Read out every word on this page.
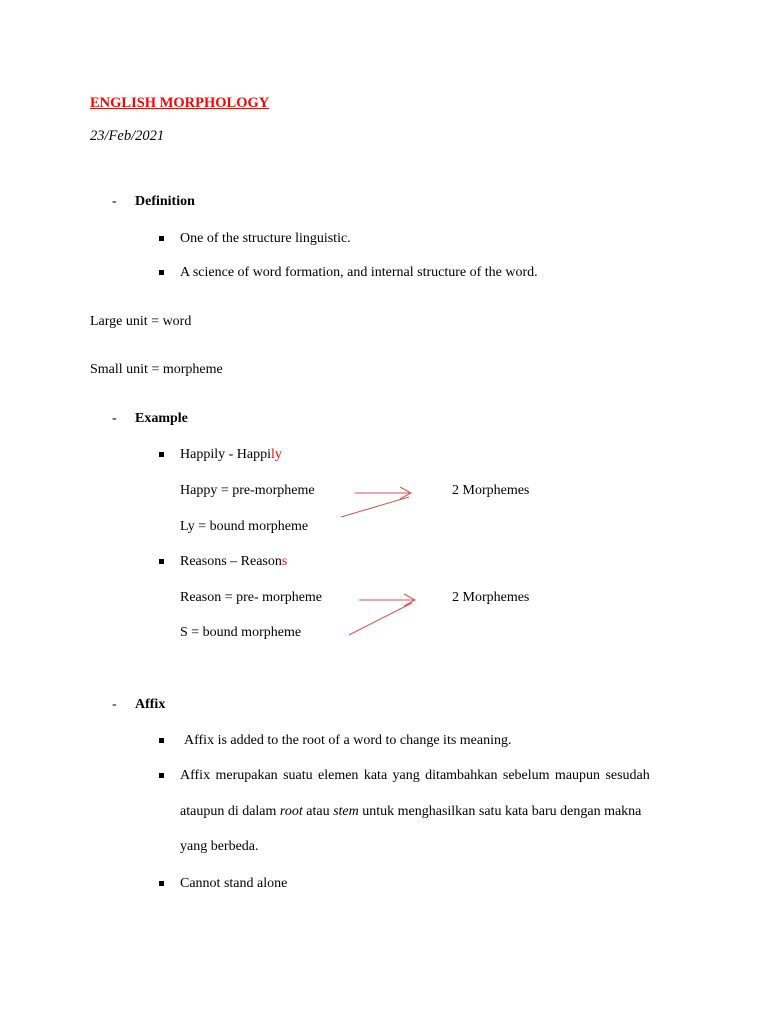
ENGLISH MORPHOLOGY
23/Feb/2021
- Definition
One of the structure linguistic.
A science of word formation, and internal structure of the word.
Large unit = word
Small unit = morpheme
- Example
Happily - Happily
Happy = pre-morpheme
Ly = bound morpheme
2 Morphemes
Reasons – Reasons
Reason = pre- morpheme
S = bound morpheme
2 Morphemes
- Affix
Affix is added to the root of a word to change its meaning.
Affix merupakan suatu elemen kata yang ditambahkan sebelum maupun sesudah
ataupun di dalam root atau stem untuk menghasilkan satu kata baru dengan makna
yang berbeda.
Cannot stand alone
